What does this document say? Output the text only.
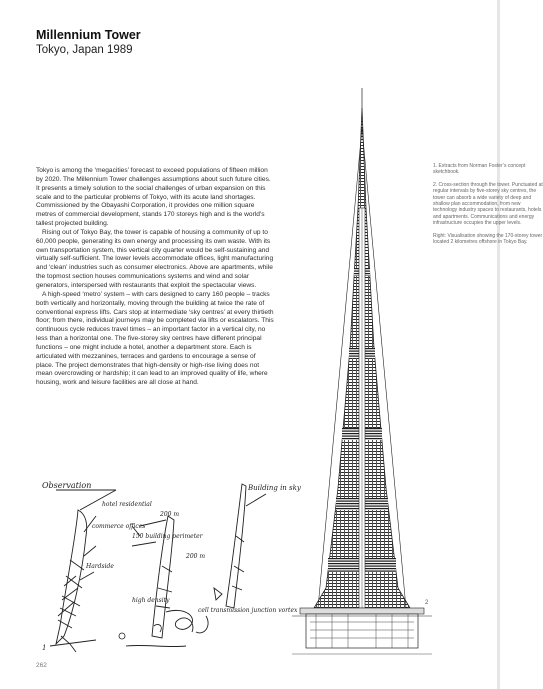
Millennium Tower
Tokyo, Japan 1989

Tokyo is among the ‘megacities’ forecast to exceed populations of fifteen million by 2020. The Millennium Tower challenges assumptions about such future cities. It presents a timely solution to the social challenges of urban expansion on this scale and to the particular problems of Tokyo, with its acute land shortages. Commissioned by the Obayashi Corporation, it provides one million square metres of commercial development, stands 170 storeys high and is the world’s tallest projected building.

Rising out of Tokyo Bay, the tower is capable of housing a community of up to 60,000 people, generating its own energy and processing its own waste. With its own transportation system, this vertical city quarter would be self-sustaining and virtually self-sufficient. The lower levels accommodate offices, light manufacturing and ‘clean’ industries such as consumer electronics. Above are apartments, while the topmost section houses communications systems and wind and solar generators, interspersed with restaurants that exploit the spectacular views.

A high-speed ‘metro’ system – with cars designed to carry 160 people – tracks both vertically and horizontally, moving through the building at twice the rate of conventional express lifts. Cars stop at intermediate ‘sky centres’ at every thirtieth floor; from there, individual journeys may be completed via lifts or escalators. This continuous cycle reduces travel times – an important factor in a vertical city, no less than a horizontal one. The five-storey sky centres have different principal functions – one might include a hotel, another a department store. Each is articulated with mezzanines, terraces and gardens to encourage a sense of place. The project demonstrates that high-density or high-rise living does not mean overcrowding or hardship; it can lead to an improved quality of life, where housing, work and leisure facilities are all close at hand.

1. Extracts from Norman Foster’s concept sketchbook.

2. Cross-section through the tower. Punctuated at regular intervals by five-storey sky centres, the tower can absorb a wide variety of deep and shallow plan accommodation, from new technology industry spaces to restaurants, hotels and apartments. Communications and energy infrastructure occupies the upper levels.

Right: Visualisation showing the 170-storey tower located 2 kilometres offshore in Tokyo Bay.

Observation
hotel residential
commerce offices
Hardside
Building in sky
200 m
150 building perimeter
high density
200 m
cell transmission junction vortex
1
2
262
